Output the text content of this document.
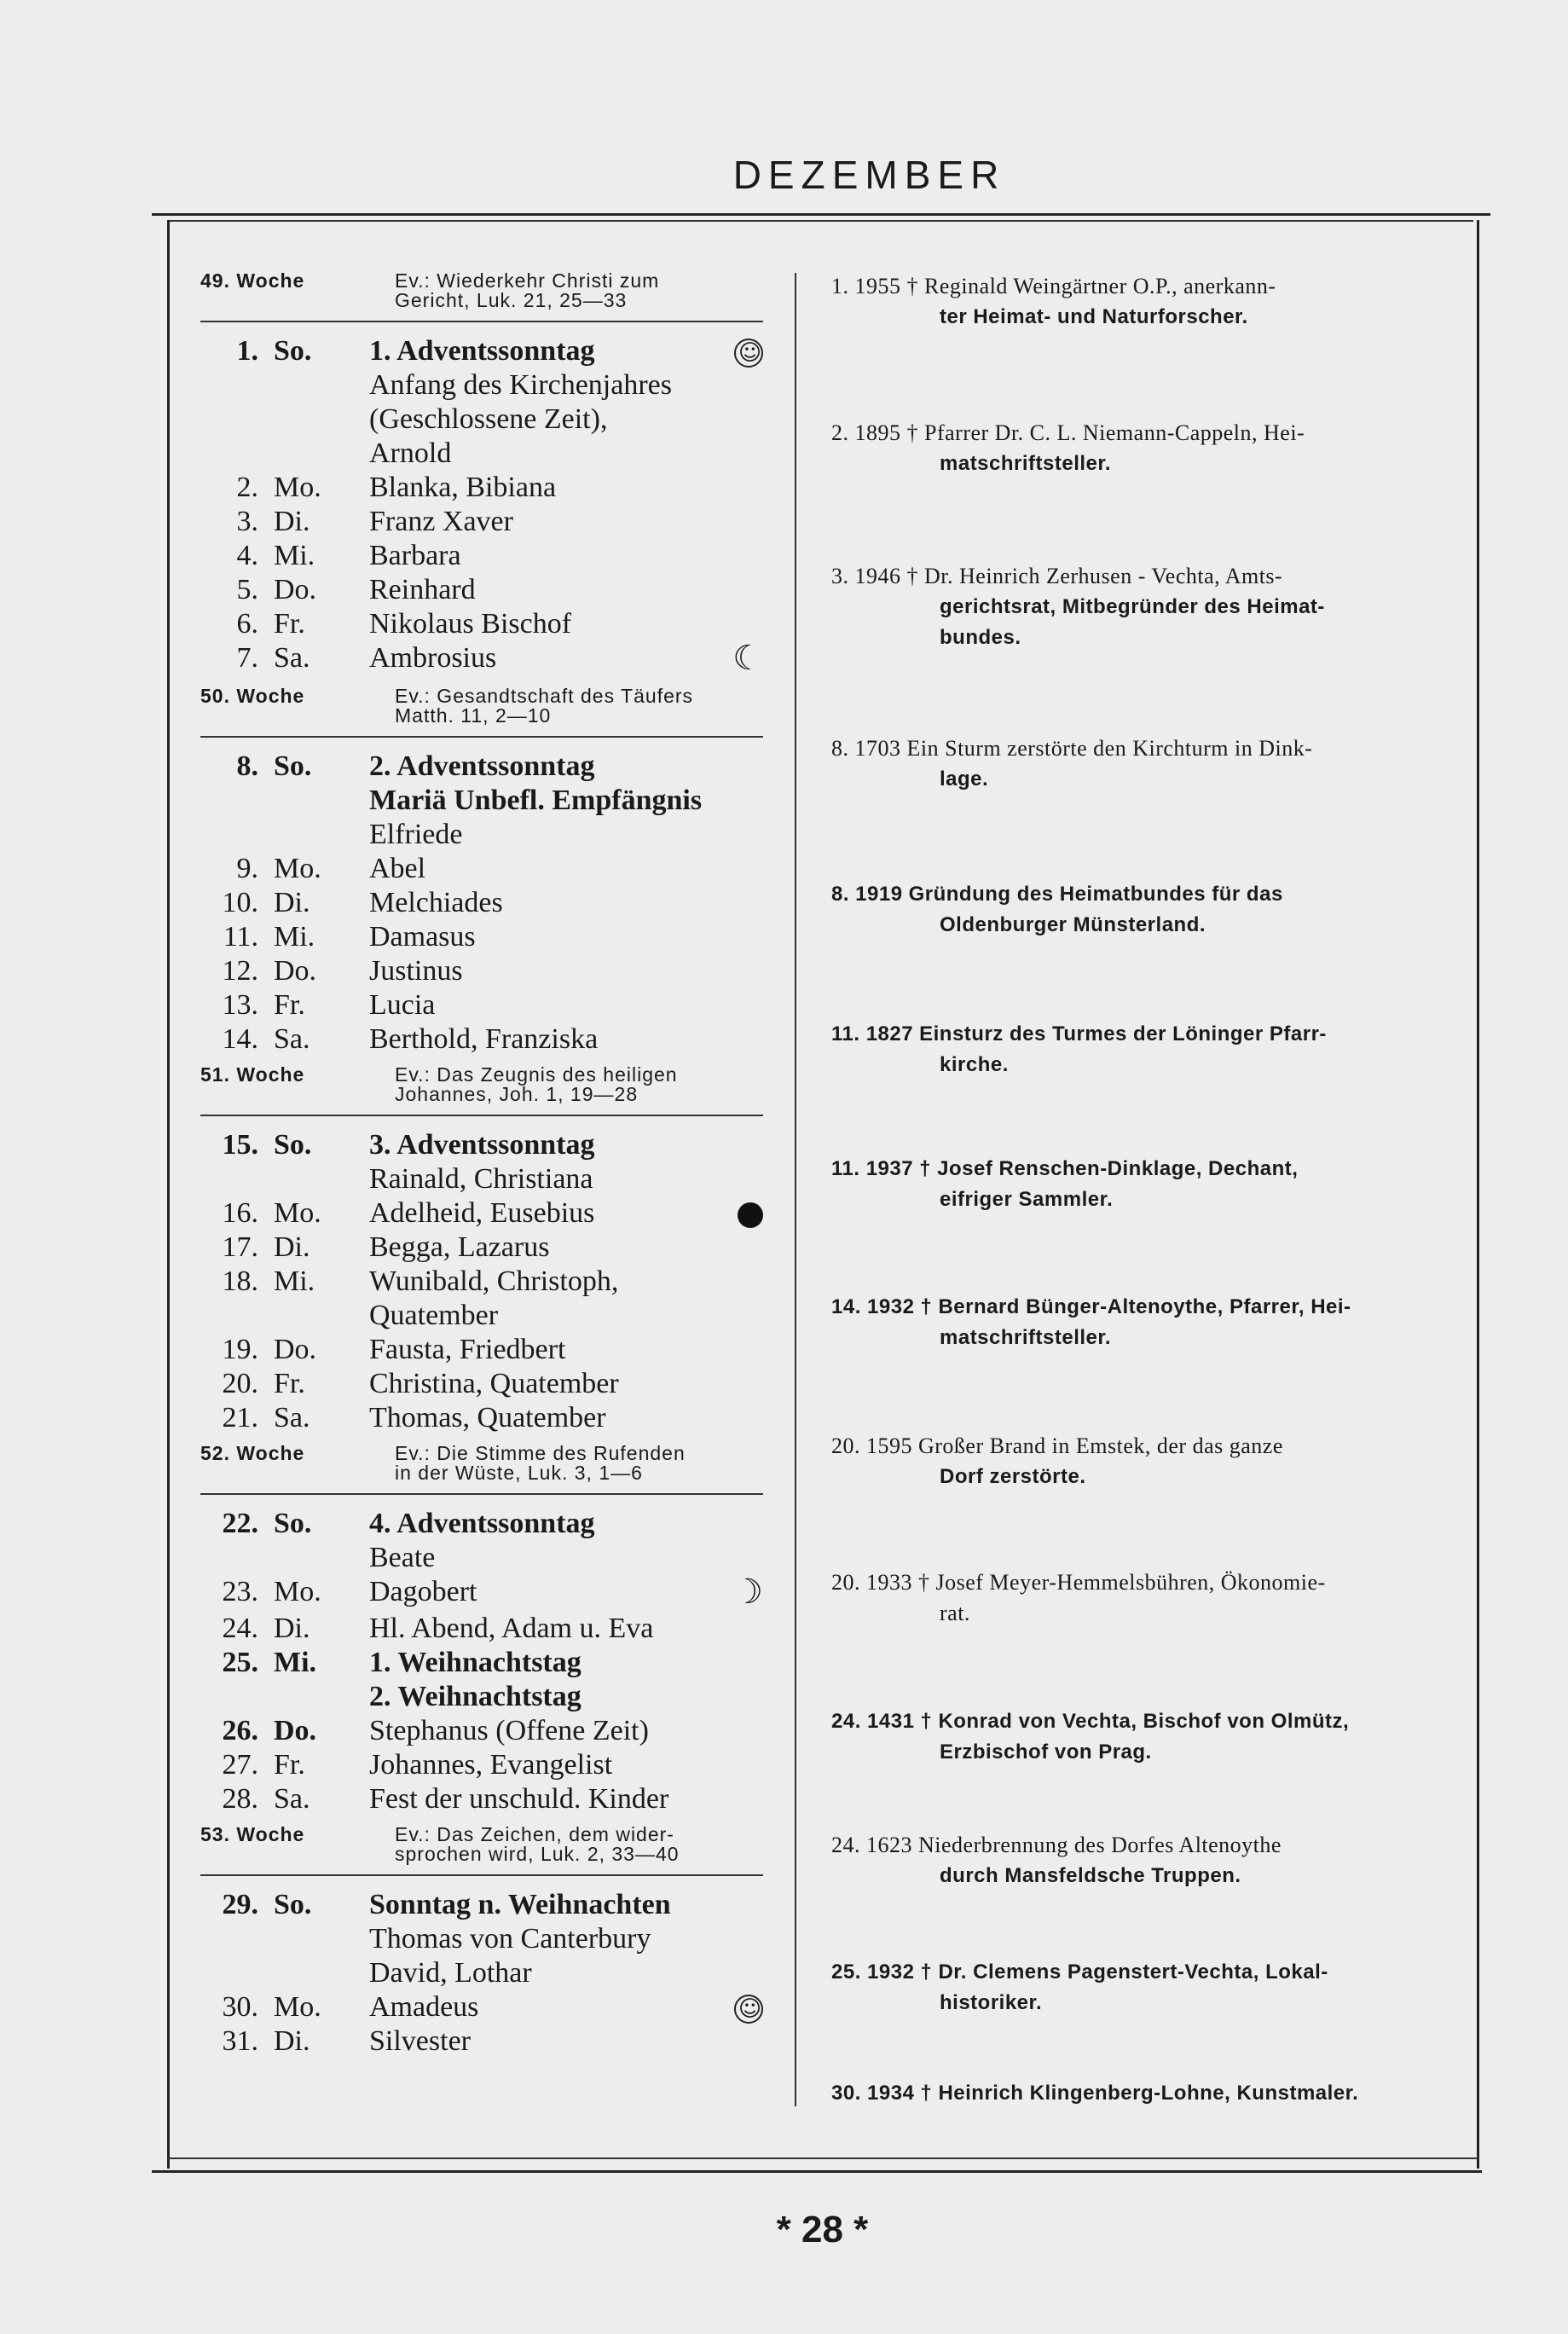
DEZEMBER
49. Woche	Ev.: Wiederkehr Christi zum
Gericht, Luk. 21, 25—33
1. So.	1. Adventssonntag
Anfang des Kirchenjahres
(Geschlossene Zeit),
Arnold
☺
2. Mo.	Blanka, Bibiana
3. Di.	Franz Xaver
4. Mi.	Barbara
5. Do.	Reinhard
6. Fr.	Nikolaus Bischof
7. Sa.	Ambrosius	☾
50. Woche	Ev.: Gesandtschaft des Täufers
Matth. 11, 2—10
8. So.	2. Adventssonntag
Mariä Unbefl. Empfängnis
Elfriede
9. Mo.	Abel
10. Di.	Melchiades
11. Mi.	Damasus
12. Do.	Justinus
13. Fr.	Lucia
14. Sa.	Berthold, Franziska
51. Woche	Ev.: Das Zeugnis des heiligen
Johannes, Joh. 1, 19—28
15. So.	3. Adventssonntag
Rainald, Christiana
16. Mo.	Adelheid, Eusebius
17. Di.	Begga, Lazarus
18. Mi.	Wunibald, Christoph,
Quatember
19. Do.	Fausta, Friedbert
20. Fr.	Christina, Quatember
21. Sa.	Thomas, Quatember
52. Woche	Ev.: Die Stimme des Rufenden
in der Wüste, Luk. 3, 1—6
22. So.	4. Adventssonntag
Beate
23. Mo.	Dagobert	☽
24. Di.	Hl. Abend, Adam u. Eva
25. Mi.	1. Weihnachtstag
2. Weihnachtstag
26. Do.	Stephanus (Offene Zeit)
27. Fr.	Johannes, Evangelist
28. Sa.	Fest der unschuld. Kinder
53. Woche	Ev.: Das Zeichen, dem wider-
sprochen wird, Luk. 2, 33—40
29. So.	Sonntag n. Weihnachten
Thomas von Canterbury
David, Lothar
30. Mo.	Amadeus
☺
31. Di.	Silvester
1. 1955 † Reginald Weingärtner O.P., anerkann-
ter Heimat- und Naturforscher.
2. 1895 † Pfarrer Dr. C. L. Niemann-Cappeln, Hei-
matschriftsteller.
3. 1946 † Dr. Heinrich Zerhusen - Vechta, Amts-
gerichtsrat, Mitbegründer des Heimat-
bundes.
8. 1703 Ein Sturm zerstörte den Kirchturm in Dink-
lage.
8. 1919 Gründung des Heimatbundes für das
Oldenburger Münsterland.
11. 1827 Einsturz des Turmes der Löninger Pfarr-
kirche.
11. 1937 † Josef Renschen-Dinklage, Dechant,
eifriger Sammler.
14. 1932 † Bernard Bünger-Altenoythe, Pfarrer, Hei-
matschriftsteller.
20. 1595 Großer Brand in Emstek, der das ganze
Dorf zerstörte.
20. 1933 † Josef Meyer-Hemmelsbühren, Ökonomie-
rat.
24. 1431 † Konrad von Vechta, Bischof von Olmütz,
Erzbischof von Prag.
24. 1623 Niederbrennung des Dorfes Altenoythe
durch Mansfeldsche Truppen.
25. 1932 † Dr. Clemens Pagenstert-Vechta, Lokal-
historiker.
30. 1934 † Heinrich Klingenberg-Lohne, Kunstmaler.
* 28 *
